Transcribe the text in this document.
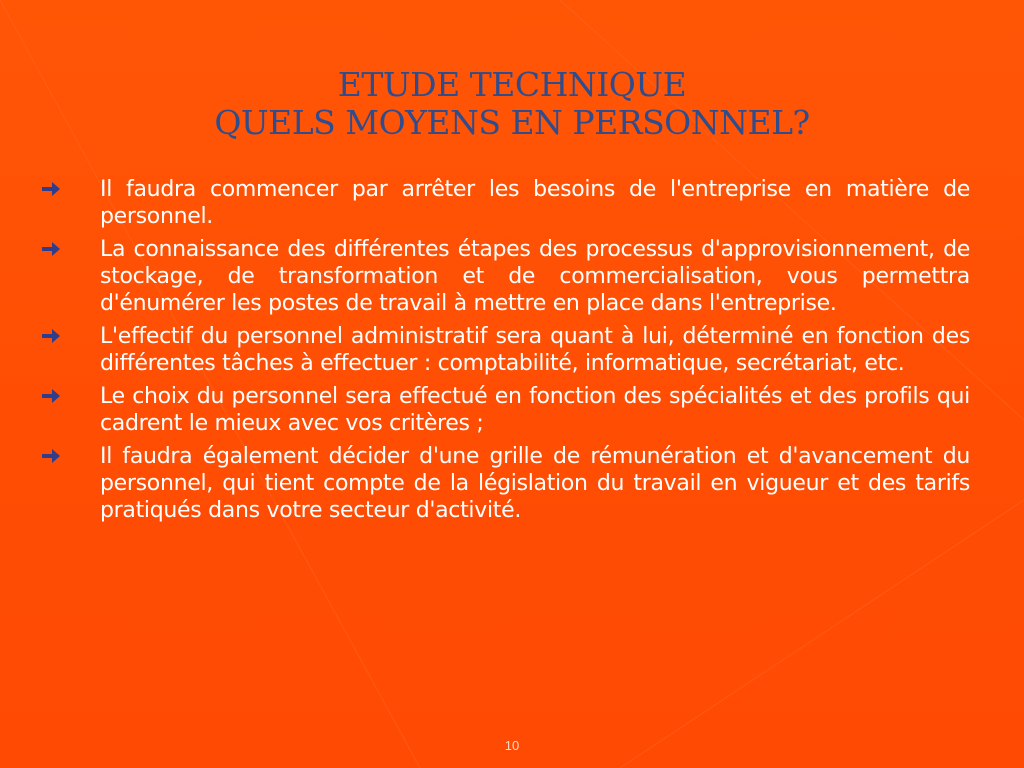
ETUDE TECHNIQUE
QUELS MOYENS EN PERSONNEL?
Il faudra commencer par arrêter les besoins de l'entreprise en matière de personnel.
La connaissance des différentes étapes des processus d'approvisionnement, de stockage, de transformation et de commercialisation, vous permettra d'énumérer les postes de travail à mettre en place dans l'entreprise.
L'effectif du personnel administratif sera quant à lui, déterminé en fonction des différentes tâches à effectuer : comptabilité, informatique, secrétariat, etc.
Le choix du personnel sera effectué en fonction des spécialités et des profils qui cadrent le mieux avec vos critères ;
Il faudra également décider d'une grille de rémunération et d'avancement du personnel, qui tient compte de la législation du travail en vigueur et des tarifs pratiqués dans votre secteur d'activité.
10
